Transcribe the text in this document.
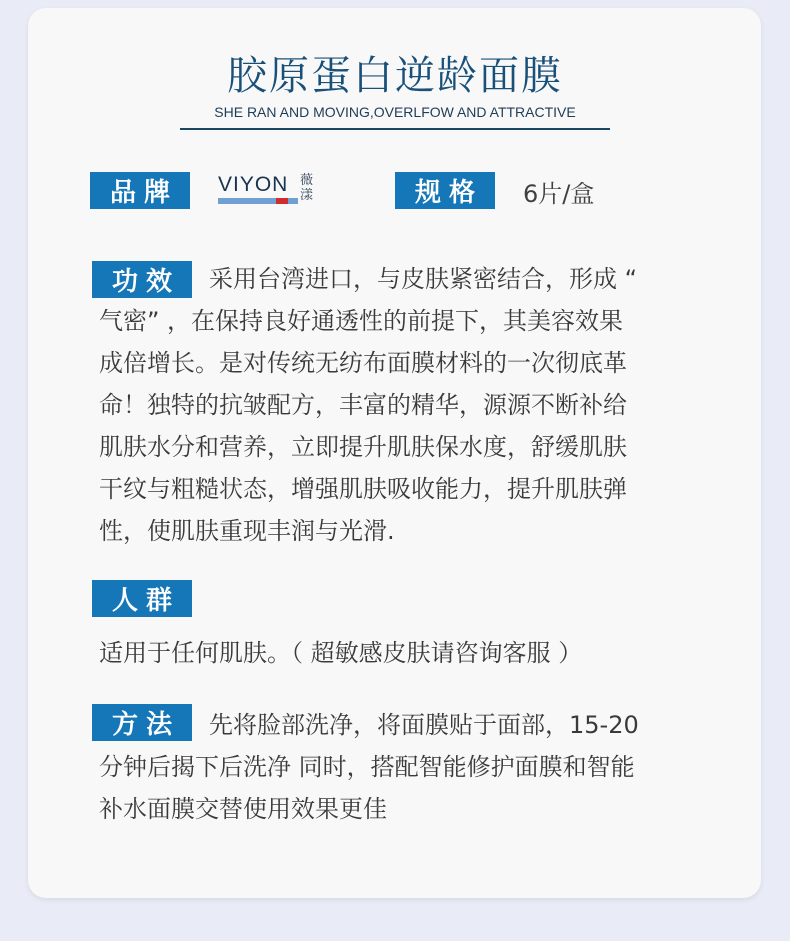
胶原蛋白逆龄面膜
SHE RAN AND MOVING,OVERLFOW AND ATTRACTIVE
品牌	VIYON 薇漾	规格	6片/盒
功效	采用台湾进口，与皮肤紧密结合，形成 “
气密” ，在保持良好通透性的前提下，其美容效果
成倍增长。是对传统无纺布面膜材料的一次彻底革
命！独特的抗皱配方，丰富的精华，源源不断补给
肌肤水分和营养，立即提升肌肤保水度，舒缓肌肤
干纹与粗糙状态，增强肌肤吸收能力，提升肌肤弹
性，使肌肤重现丰润与光滑.
人群
适用于任何肌肤。（ 超敏感皮肤请咨询客服 ）
方法	先将脸部洗净，将面膜贴于面部，15-20
分钟后揭下后洗净 同时，搭配智能修护面膜和智能
补水面膜交替使用效果更佳
